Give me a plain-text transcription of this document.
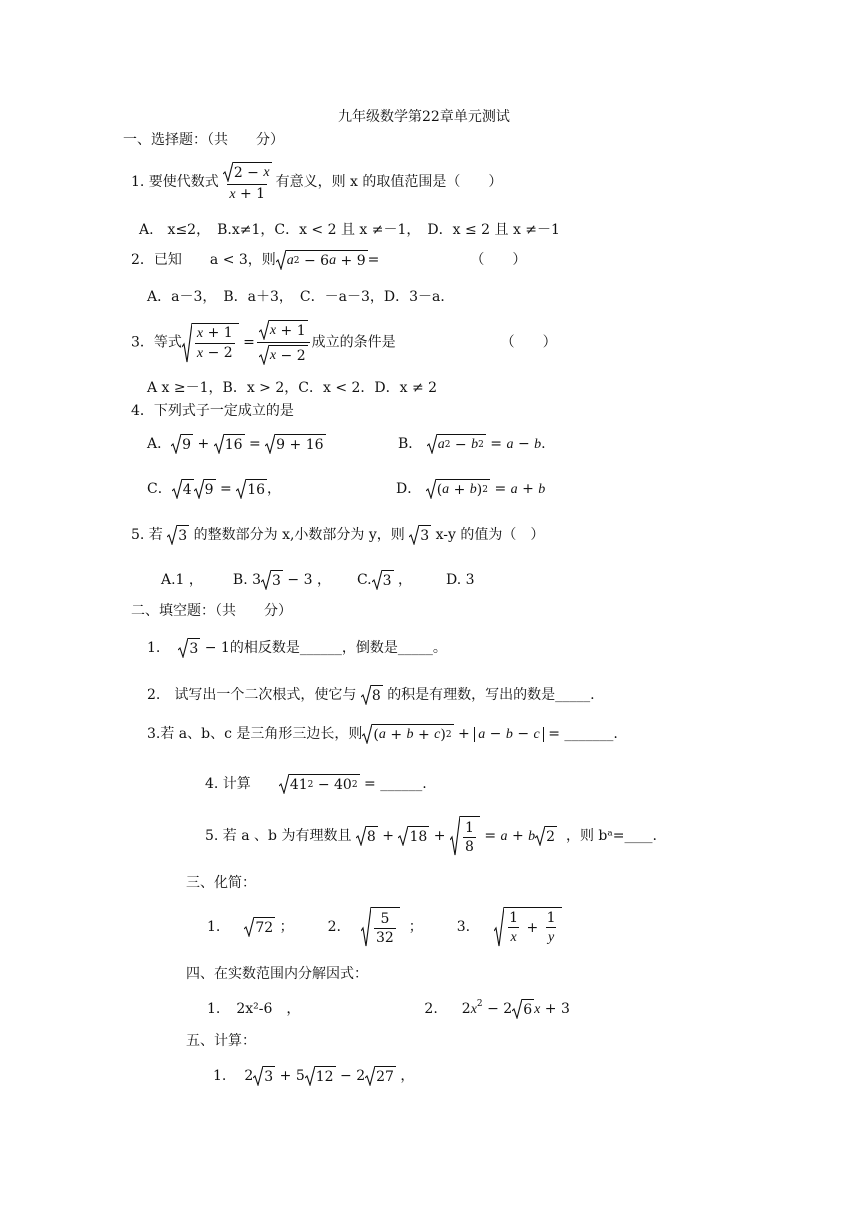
九年级数学第22章单元测试
一、选择题：（共　　分）
1. 要使代数式 $\frac{2 - x}{x + 1}$ 有意义，则 x 的取值范围是（　　）
A.　x≤2，　B.x≠1，C．x < 2 且 x ≠－1，　D．x ≤ 2 且 x ≠－1
2．已知　　a < 3，则 a 2 − 6 a + 9 =　　　　　　　（　　）
A．a－3，　B．a＋3，　C．－a－3，D．3－a．
3．等式 $\frac{x + 1}{x - 2} = \frac{x + 1}{x - 2}$ 成立的条件是　　　　　　　　（　　）
A x ≥－1，B．x > 2，C．x < 2．D．x ≠ 2
4．下列式子一定成立的是
A． 9 + 16 = 9 + 16	B． a 2 − b 2 = a − b.
C． 4 9 = 16 ，	D． ( a + b ) 2 = a + b
5. 若 3 的整数部分为 x,小数部分为 y，则 3 x-y 的值为（　）
A.1 ， B. 3 3 − 3 ， C. 3 ， D. 3
二、填空题：（共　　分）
1. 3 − 1的相反数是______，倒数是_____。
2.　试写出一个二次根式，使它与 8 的积是有理数，写出的数是_____.
3.若 a、b、c 是三角形三边长，则 ( a + b + c ) 2 + a − b − c = _______.
4. 计算	41 2 − 40 2 = ______.
5. 若 a 、b 为有理数且 $8 + 18 + \frac{1}{8} = a + b$ 2 ，则 bᵃ=____.
三、化简：
1.	72 ； 2. $\frac{5}{32}$ ； 3.	$\frac{1}{x} + \frac{1}{y}$
四、在实数范围内分解因式：
1. 2x²-6　，	2. $2x^2 - 2$ 6 x + 3
五、计算：
1. 2 3 + 5 12 − 2 27 ，
